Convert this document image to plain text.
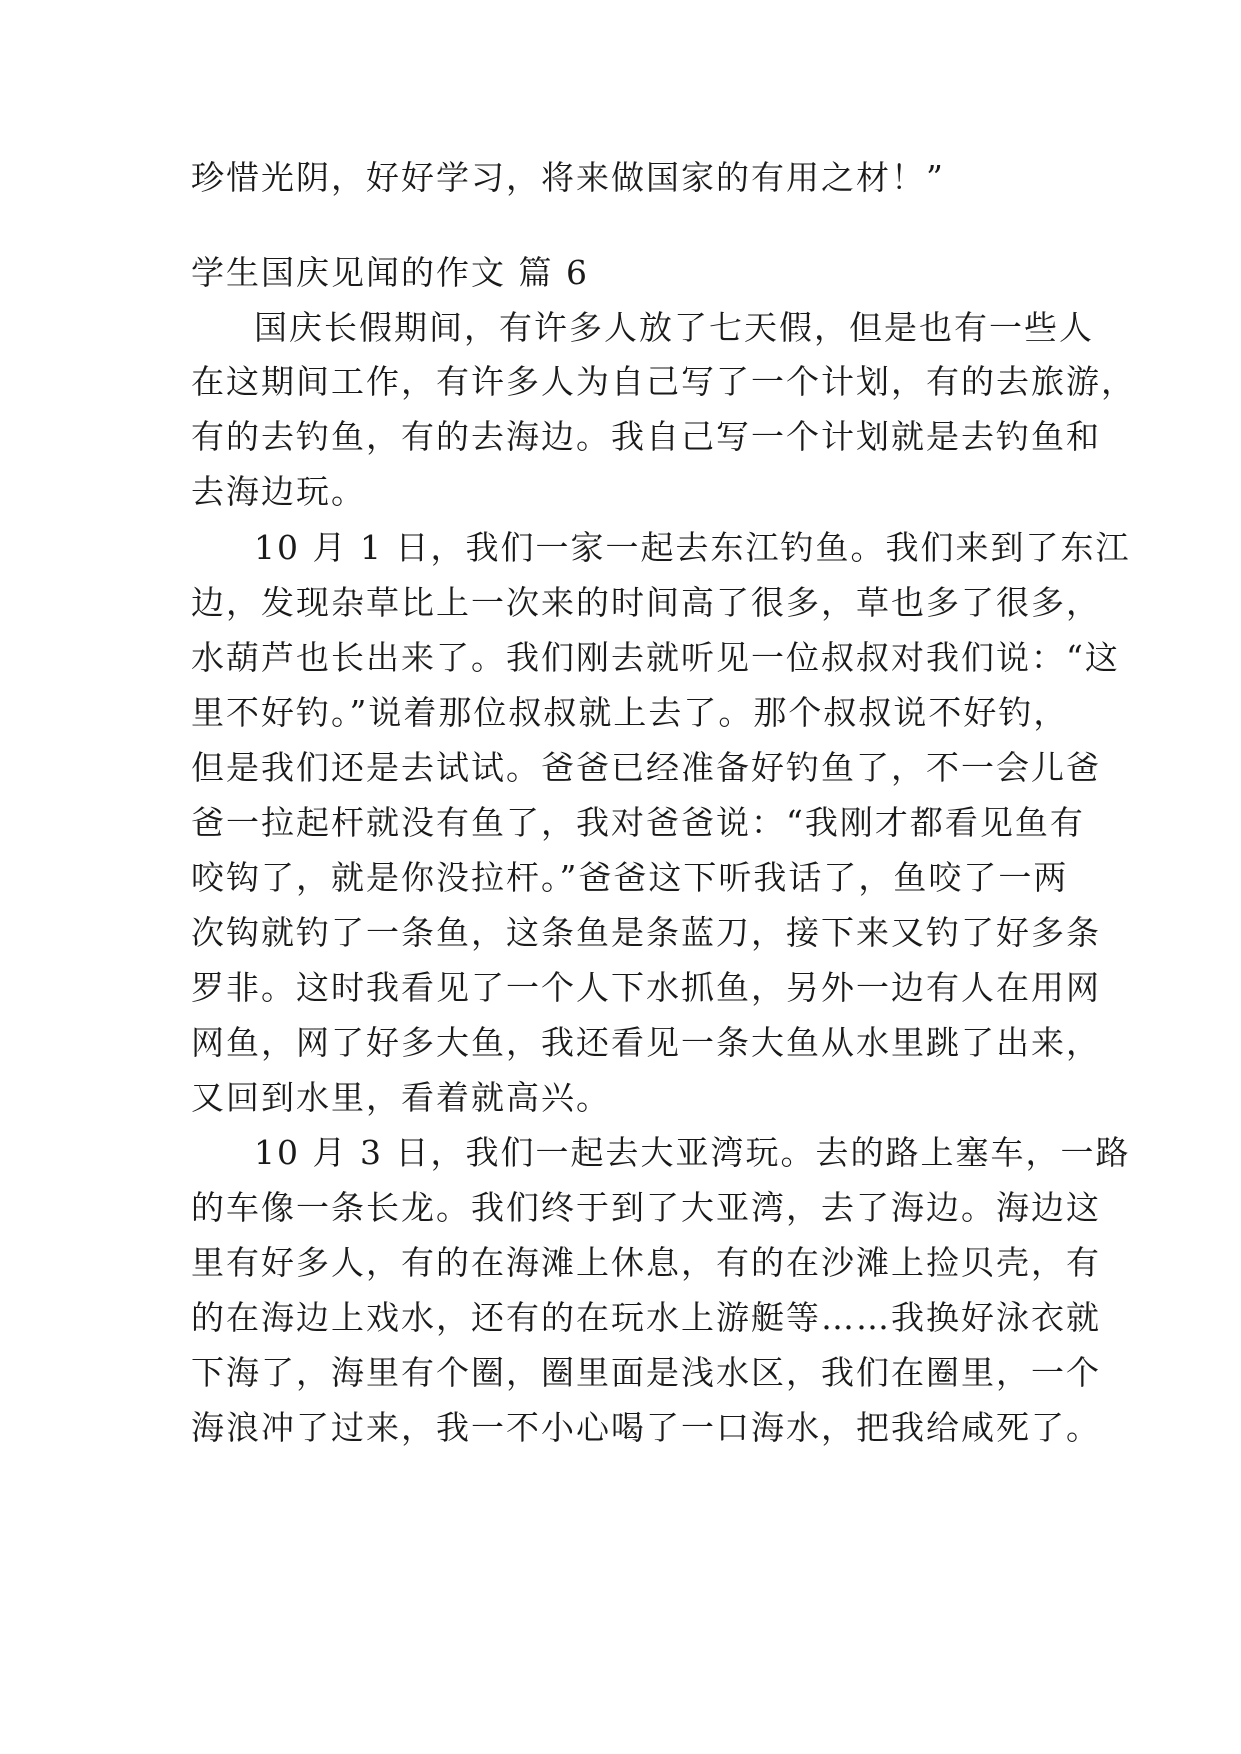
珍惜光阴，好好学习，将来做国家的有用之材！”
学生国庆见闻的作文 篇 6
国庆长假期间，有许多人放了七天假，但是也有一些人
在这期间工作，有许多人为自己写了一个计划，有的去旅游，
有的去钓鱼，有的去海边。我自己写一个计划就是去钓鱼和
去海边玩。
10 月 1 日，我们一家一起去东江钓鱼。我们来到了东江
边，发现杂草比上一次来的时间高了很多，草也多了很多，
水葫芦也长出来了。我们刚去就听见一位叔叔对我们说：“这
里不好钓。”说着那位叔叔就上去了。那个叔叔说不好钓，
但是我们还是去试试。爸爸已经准备好钓鱼了，不一会儿爸
爸一拉起杆就没有鱼了，我对爸爸说：“我刚才都看见鱼有
咬钩了，就是你没拉杆。”爸爸这下听我话了，鱼咬了一两
次钩就钓了一条鱼，这条鱼是条蓝刀，接下来又钓了好多条
罗非。这时我看见了一个人下水抓鱼，另外一边有人在用网
网鱼，网了好多大鱼，我还看见一条大鱼从水里跳了出来，
又回到水里，看着就高兴。
10 月 3 日，我们一起去大亚湾玩。去的路上塞车，一路
的车像一条长龙。我们终于到了大亚湾，去了海边。海边这
里有好多人，有的在海滩上休息，有的在沙滩上捡贝壳，有
的在海边上戏水，还有的在玩水上游艇等……我换好泳衣就
下海了，海里有个圈，圈里面是浅水区，我们在圈里，一个
海浪冲了过来，我一不小心喝了一口海水，把我给咸死了。
